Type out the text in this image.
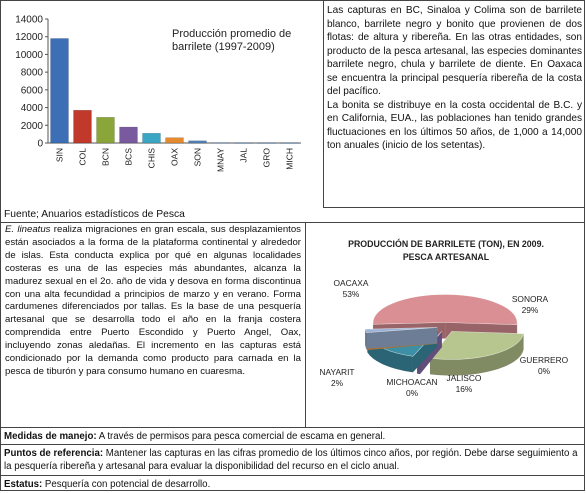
0
2000
4000
6000
8000
10000
12000
14000
SIN COL BCN BCS CHIS OAX SON MNAY JAL GRO MICH
Producción promedio de
barrilete (1997-2009)

Las capturas en BC, Sinaloa y Colima son de barrilete blanco, barrilete negro y bonito que provienen de dos flotas: de altura y ribereña. En las otras entidades, son producto de la pesca artesanal, las especies dominantes barrilete negro, chula y barrilete de diente. En Oaxaca se encuentra la principal pesquería ribereña de la costa del pacífico.

La bonita se distribuye en la costa occidental de B.C. y en California, EUA., las poblaciones han tenido grandes fluctuaciones en los últimos 50 años, de 1,000 a 14,000 ton anuales (inicio de los setentas).

Fuente; Anuarios estadísticos de Pesca

E. lineatus realiza migraciones en gran escala, sus desplazamientos están asociados a la forma de la plataforma continental y alrededor de islas. Esta conducta explica por qué en algunas localidades costeras es una de las especies más abundantes, alcanza la madurez sexual en el 2o. año de vida y desova en forma discontinua con una alta fecundidad a principios de marzo y en verano. Forma cardumenes diferenciados por tallas. Es la base de una pesquería artesanal que se desarrolla todo el año en la franja costera comprendida entre Puerto Escondido y Puerto Angel, Oax, incluyendo zonas aledañas. El incremento en las capturas está condicionado por la demanda como producto para carnada en la pesca de tiburón y para consumo humano en cuaresma.

PRODUCCIÓN DE BARRILETE (TON), EN 2009.
PESCA ARTESANAL
OACAXA
53%	SONORA
29%
GUERRERO
0%
JALISCO
16%
MICHOACAN
0%
NAYARIT
2%

Medidas de manejo: A través de permisos para pesca comercial de escama en general.

Puntos de referencia: Mantener las capturas en las cifras promedio de los últimos cinco años, por región. Debe darse seguimiento a la pesquería ribereña y artesanal para evaluar la disponibilidad del recurso en el ciclo anual.

Estatus: Pesquería con potencial de desarrollo.
